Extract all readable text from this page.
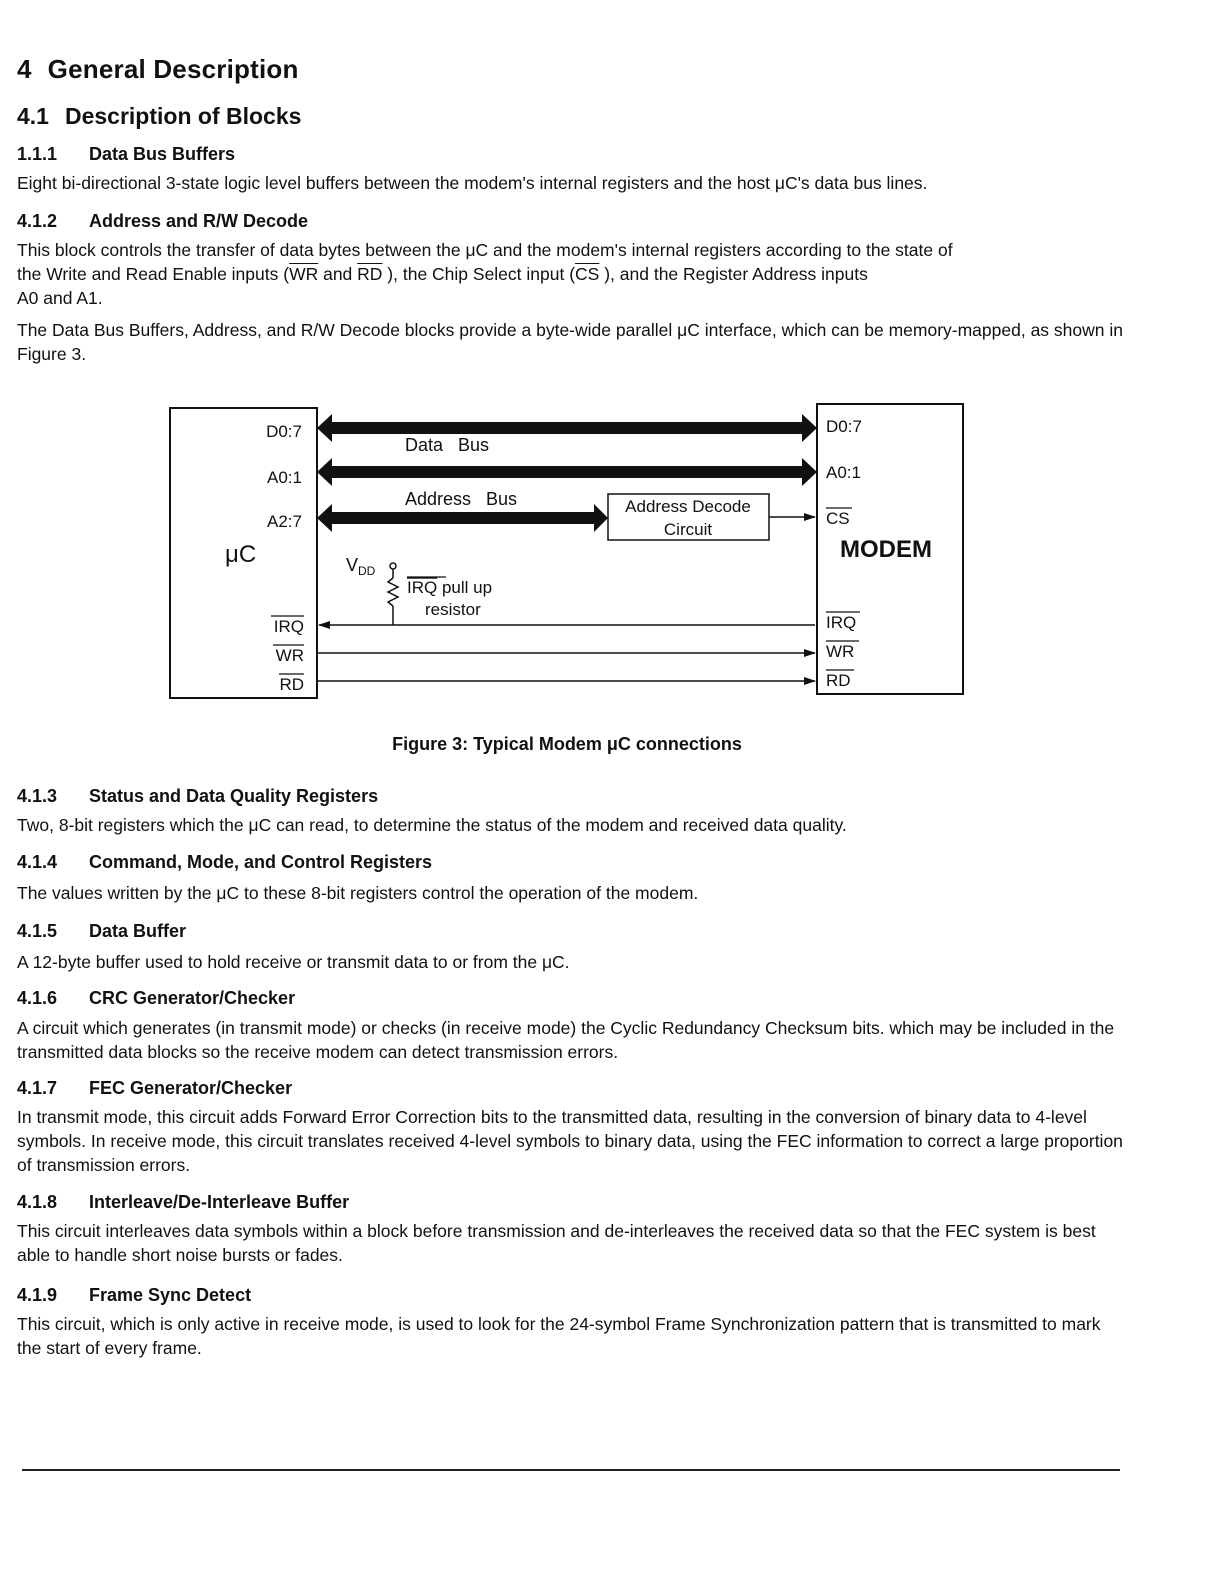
4 General Description
4.1 Description of Blocks
1.1.1 Data Bus Buffers

Eight bi-directional 3-state logic level buffers between the modem's internal registers and the host μC's data bus lines.

4.1.2 Address and R/W Decode

This block controls the transfer of data bytes between the μC and the modem's internal registers according to the state of
the Write and Read Enable inputs ($\overline{WR}$ and $\overline{RD}$ ), the Chip Select input ($\overline{CS}$ ), and the Register Address inputs
A0 and A1.

The Data Bus Buffers, Address, and R/W Decode blocks provide a byte-wide parallel μC interface, which can be memory-mapped, as shown in Figure 3.

Address Decode
Circuit
$V_{DD}$
IRQ pull up
resistor
Data   Bus
Address   Bus
μC
D0:7
A0:1
A2:7
IRQ
WR
RD
MODEM
D0:7
A0:1
CS
IRQ
WR
RD

Figure 3: Typical Modem μC connections

4.1.3 Status and Data Quality Registers

Two, 8-bit registers which the μC can read, to determine the status of the modem and received data quality.

4.1.4 Command, Mode, and Control Registers

The values written by the μC to these 8-bit registers control the operation of the modem.

4.1.5 Data Buffer

A 12-byte buffer used to hold receive or transmit data to or from the μC.

4.1.6 CRC Generator/Checker

A circuit which generates (in transmit mode) or checks (in receive mode) the Cyclic Redundancy Checksum bits. which may be included in the transmitted data blocks so the receive modem can detect transmission errors.

4.1.7 FEC Generator/Checker

In transmit mode, this circuit adds Forward Error Correction bits to the transmitted data, resulting in the conversion of binary data to 4-level symbols. In receive mode, this circuit translates received 4-level symbols to binary data, using the FEC information to correct a large proportion of transmission errors.

4.1.8 Interleave/De-Interleave Buffer

This circuit interleaves data symbols within a block before transmission and de-interleaves the received data so that the FEC system is best able to handle short noise bursts or fades.

4.1.9 Frame Sync Detect

This circuit, which is only active in receive mode, is used to look for the 24-symbol Frame Synchronization pattern that is transmitted to mark the start of every frame.
